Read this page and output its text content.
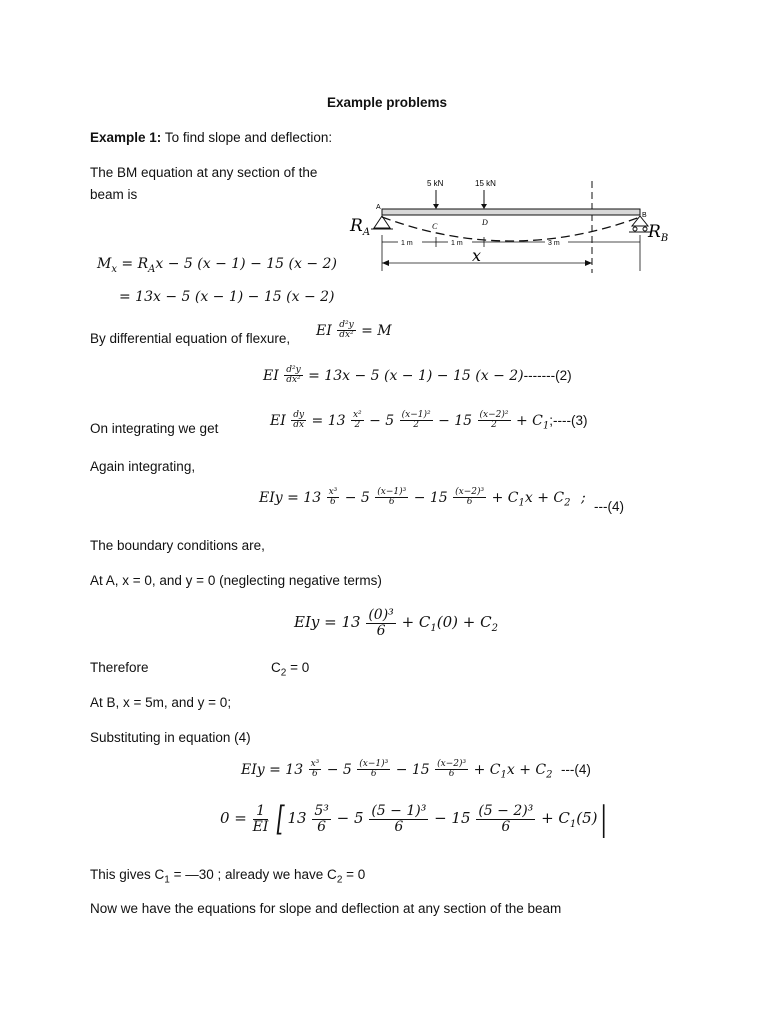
Example problems
Example 1: To find slope and deflection:
The BM equation at any section of the
beam is
5 kN	15 kN
A
B
C	D
$R_A$	$R_B$
1 m	1 m	3 m
x
$M_x = R_Ax - 5$ (x − 1) − 15 (x − 2)
= 13x − 5 (x − 1) − 15 (x − 2)
By differential equation of flexure, EI $\frac{\text{d²y}}{\text{dx²}} = M$
EI $\frac{\text{d²y}}{\text{dx²}} = 13x - 5$ (x − 1) − 15 (x − 2)-------(2)
On integrating we get	EI $\frac{dy}{dx} = 13 \frac{\text{x²}}{2} - 5 \frac{\text{(x−1)²}}{2} - 15 \frac{\text{(x−2)²}}{2}$ + $C_1;----(3)$
Again integrating,
EIy = $13 \frac{\text{x³}}{6} - 5 \frac{\text{(x−1)³}}{6} - 15 \frac{\text{(x−2)³}}{6} + C_1x + C_2$ ;
---(4)
The boundary conditions are,
At A, x = 0, and y = 0 (neglecting negative terms)
EIy = $13 \frac{\text{(0)³}}{6} + C_1(0) + C_2$
Therefore	$C_2 = 0$
At B, x = 5m, and y = 0;
Substituting in equation (4)
EIy = $13 \frac{\text{x³}}{6} - 5 \frac{\text{(x−1)³}}{6} - 15 \frac{\text{(x−2)³}}{6} + C_1x + C_2$ ---(4)
$0 = \frac{1}{EI}$ [ $13 \frac{\text{5³}}{6} - 5 \frac{\text{(5 − 1)³}}{6} - 15 \frac{\text{(5 − 2)³}}{6} + C_1(5)|$
This gives $C_1$ = —30 ; already we have $C_2 = 0$
Now we have the equations for slope and deflection at any section of the beam
